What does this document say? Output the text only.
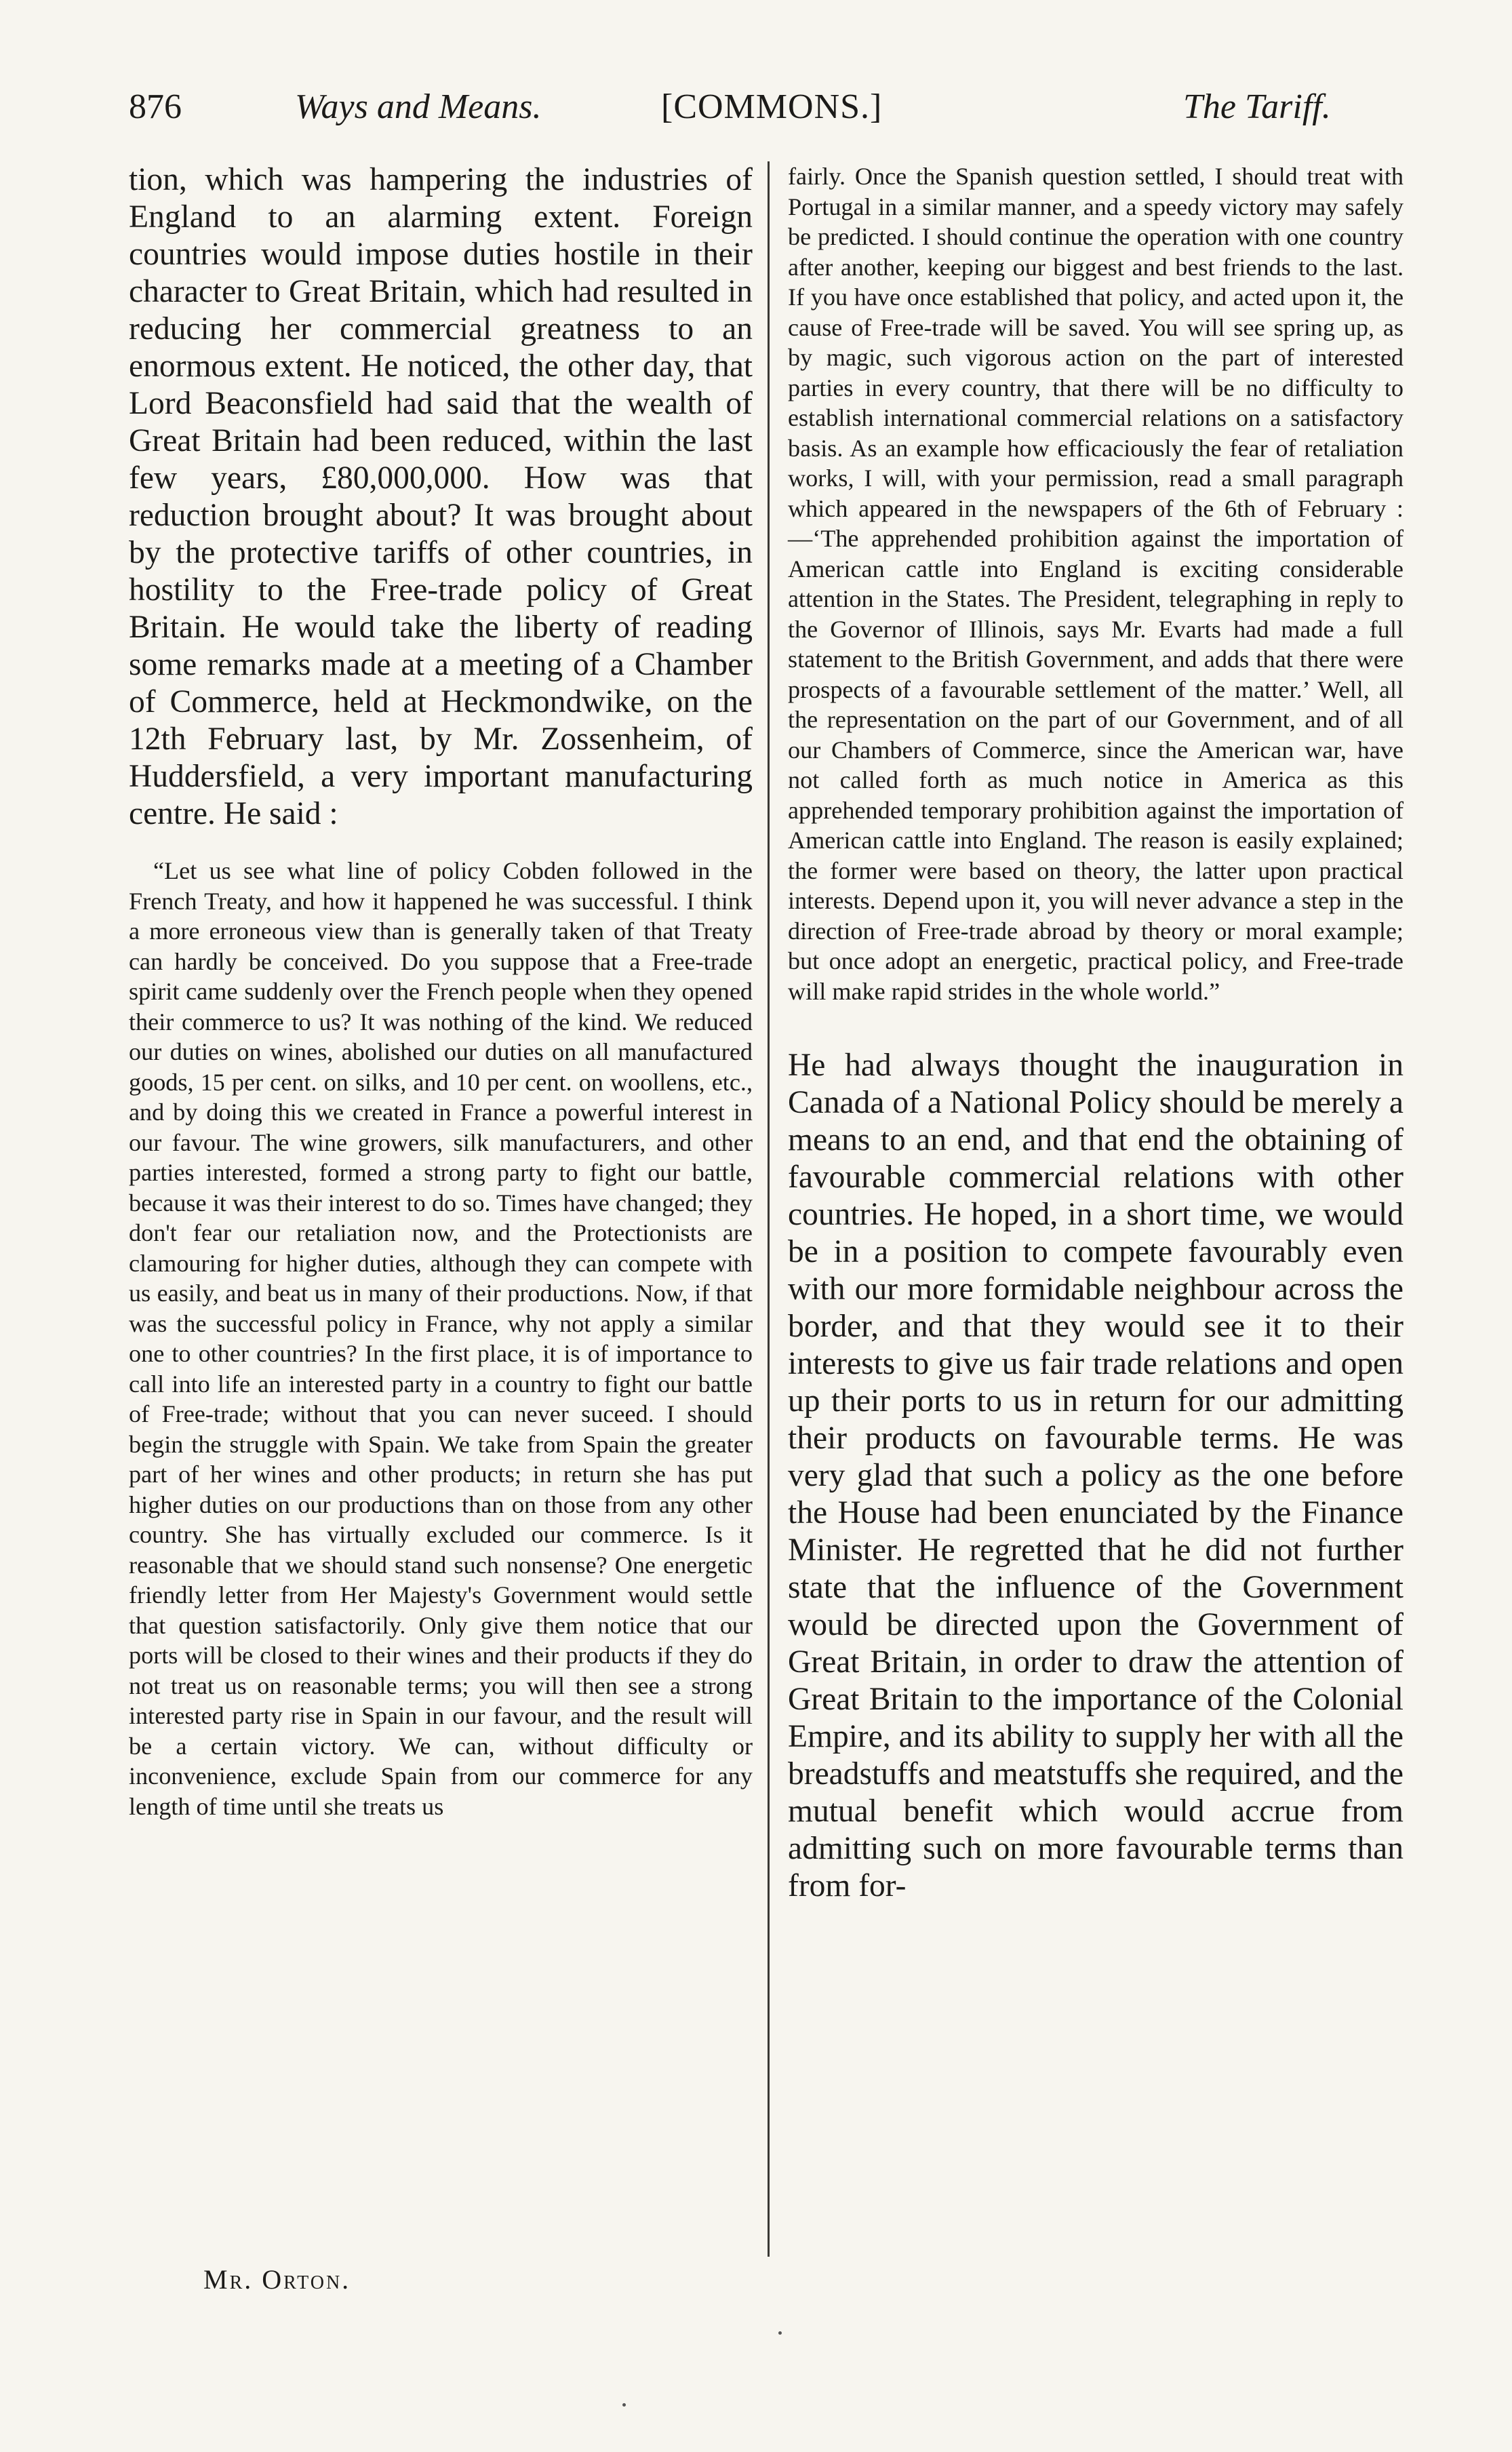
876	Ways and Means.	[COMMONS.]	The Tariff.

tion, which was hampering the industries of England to an alarming extent. Foreign countries would impose duties hostile in their character to Great Britain, which had resulted in reducing her commercial greatness to an enormous extent. He noticed, the other day, that Lord Beaconsfield had said that the wealth of Great Britain had been reduced, within the last few years, £80,000,000. How was that reduction brought about? It was brought about by the protective tariffs of other countries, in hostility to the Free-trade policy of Great Britain. He would take the liberty of reading some remarks made at a meeting of a Chamber of Commerce, held at Heckmondwike, on the 12th February last, by Mr. Zossenheim, of Huddersfield, a very important manufacturing centre. He said :

“Let us see what line of policy Cobden followed in the French Treaty, and how it happened he was successful. I think a more erroneous view than is generally taken of that Treaty can hardly be conceived. Do you suppose that a Free-trade spirit came suddenly over the French people when they opened their commerce to us? It was nothing of the kind. We reduced our duties on wines, abolished our duties on all manufactured goods, 15 per cent. on silks, and 10 per cent. on woollens, etc., and by doing this we created in France a powerful interest in our favour. The wine growers, silk manufacturers, and other parties interested, formed a strong party to fight our battle, because it was their interest to do so. Times have changed; they don't fear our retaliation now, and the Protectionists are clamouring for higher duties, although they can compete with us easily, and beat us in many of their productions. Now, if that was the successful policy in France, why not apply a similar one to other countries? In the first place, it is of importance to call into life an interested party in a country to fight our battle of Free-trade; without that you can never suceed. I should begin the struggle with Spain. We take from Spain the greater part of her wines and other products; in return she has put higher duties on our productions than on those from any other country. She has virtually excluded our commerce. Is it reasonable that we should stand such nonsense? One energetic friendly letter from Her Majesty's Government would settle that question satisfactorily. Only give them notice that our ports will be closed to their wines and their products if they do not treat us on reasonable terms; you will then see a strong interested party rise in Spain in our favour, and the result will be a certain victory. We can, without difficulty or inconvenience, exclude Spain from our commerce for any length of time until she treats us

fairly. Once the Spanish question settled, I should treat with Portugal in a similar manner, and a speedy victory may safely be predicted. I should continue the operation with one country after another, keeping our biggest and best friends to the last. If you have once established that policy, and acted upon it, the cause of Free-trade will be saved. You will see spring up, as by magic, such vigorous action on the part of interested parties in every country, that there will be no difficulty to establish international commercial relations on a satisfactory basis. As an example how efficaciously the fear of retaliation works, I will, with your permission, read a small paragraph which appeared in the newspapers of the 6th of February :—‘The apprehended prohibition against the importation of American cattle into England is exciting considerable attention in the States. The President, telegraphing in reply to the Governor of Illinois, says Mr. Evarts had made a full statement to the British Government, and adds that there were prospects of a favourable settlement of the matter.’ Well, all the representation on the part of our Government, and of all our Chambers of Commerce, since the American war, have not called forth as much notice in America as this apprehended temporary prohibition against the importation of American cattle into England. The reason is easily explained; the former were based on theory, the latter upon practical interests. Depend upon it, you will never advance a step in the direction of Free-trade abroad by theory or moral example; but once adopt an energetic, practical policy, and Free-trade will make rapid strides in the whole world.”

He had always thought the inauguration in Canada of a National Policy should be merely a means to an end, and that end the obtaining of favourable commercial relations with other countries. He hoped, in a short time, we would be in a position to compete favourably even with our more formidable neighbour across the border, and that they would see it to their interests to give us fair trade relations and open up their ports to us in return for our admitting their products on favourable terms. He was very glad that such a policy as the one before the House had been enunciated by the Finance Minister. He regretted that he did not further state that the influence of the Government would be directed upon the Government of Great Britain, in order to draw the attention of Great Britain to the importance of the Colonial Empire, and its ability to supply her with all the breadstuffs and meatstuffs she required, and the mutual benefit which would accrue from admitting such on more favourable terms than from for-

Mr. Orton.
